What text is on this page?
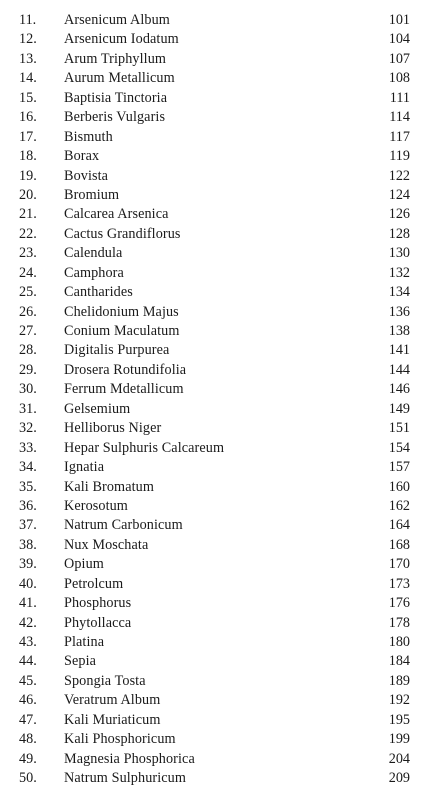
11. Arsenicum Album	101
12. Arsenicum Iodatum	104
13. Arum Triphyllum	107
14. Aurum Metallicum	108
15. Baptisia Tinctoria	111
16. Berberis Vulgaris	114
17. Bismuth	117
18. Borax	119
19. Bovista	122
20. Bromium	124
21. Calcarea Arsenica	126
22. Cactus Grandiflorus	128
23. Calendula	130
24. Camphora	132
25. Cantharides	134
26. Chelidonium Majus	136
27. Conium Maculatum	138
28. Digitalis Purpurea	141
29. Drosera Rotundifolia	144
30. Ferrum Mdetallicum	146
31. Gelsemium	149
32. Helliborus Niger	151
33. Hepar Sulphuris Calcareum	154
34. Ignatia	157
35. Kali Bromatum	160
36. Kerosotum	162
37. Natrum Carbonicum	164
38. Nux Moschata	168
39. Opium	170
40. Petrolcum	173
41. Phosphorus	176
42. Phytollacca	178
43. Platina	180
44. Sepia	184
45. Spongia Tosta	189
46. Veratrum Album	192
47. Kali Muriaticum	195
48. Kali Phosphoricum	199
49. Magnesia Phosphorica	204
50. Natrum Sulphuricum	209
